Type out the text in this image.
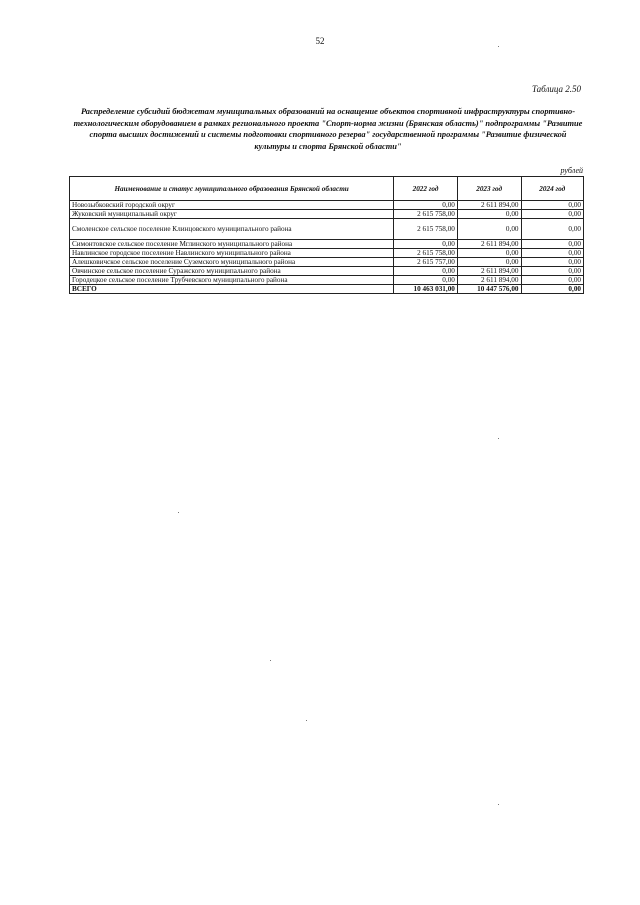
52
Таблица 2.50
Распределение субсидий бюджетам муниципальных образований на оснащение объектов спортивной инфраструктуры спортивно-технологическим оборудованием в рамках регионального проекта "Спорт-норма жизни (Брянская область)" подпрограммы "Развитие спорта высших достижений и системы подготовки спортивного резерва" государственной программы "Развитие физической культуры и спорта Брянской области"
рублей
Наименование и статус муниципального образования Брянской области	2022 год	2023 год	2024 год
Новозыбковский городской округ	0,00	2 611 894,00	0,00
Жуковский муниципальный округ	2 615 758,00	0,00	0,00
Смоленское сельское поселение Клинцовского муниципального района	2 615 758,00	0,00	0,00
Симонтовское сельское поселение Мглинского муниципального района	0,00	2 611 894,00	0,00
Навлинское городское поселение Навлинского муниципального района	2 615 758,00	0,00	0,00
Алешковичское сельское поселение Суземского муниципального района	2 615 757,00	0,00	0,00
Овчинское сельское поселение Суражского муниципального района	0,00	2 611 894,00	0,00
Городецкое сельское поселение Трубчевского муниципального района	0,00	2 611 894,00	0,00
ВСЕГО	10 463 031,00	10 447 576,00	0,00
